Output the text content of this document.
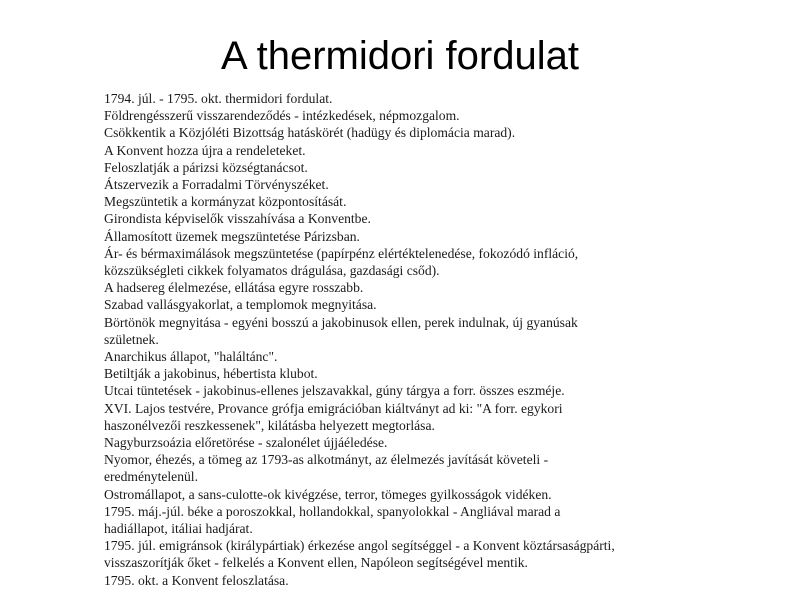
A thermidori fordulat
1794. júl. - 1795. okt. thermidori fordulat.
Földrengésszerű visszarendeződés - intézkedések, népmozgalom.
Csökkentik a Közjóléti Bizottság hatáskörét (hadügy és diplomácia marad).
A Konvent hozza újra a rendeleteket.
Feloszlatják a párizsi községtanácsot.
Átszervezik a Forradalmi Törvényszéket.
Megszüntetik a kormányzat központosítását.
Girondista képviselők visszahívása a Konventbe.
Államosított üzemek megszüntetése Párizsban.
Ár- és bérmaximálások megszüntetése (papírpénz elértéktelenedése, fokozódó infláció,
közszükségleti cikkek folyamatos drágulása, gazdasági csőd).
A hadsereg élelmezése, ellátása egyre rosszabb.
Szabad vallásgyakorlat, a templomok megnyitása.
Börtönök megnyitása - egyéni bosszú a jakobinusok ellen, perek indulnak, új gyanúsak
születnek.
Anarchikus állapot, "haláltánc".
Betiltják a jakobinus, hébertista klubot.
Utcai tüntetések - jakobinus-ellenes jelszavakkal, gúny tárgya a forr. összes eszméje.
XVI. Lajos testvére, Provance grófja emigrációban kiáltványt ad ki: "A forr. egykori
haszonélvezői reszkessenek", kilátásba helyezett megtorlása.
Nagyburzsoázia előretörése - szalonélet újjáéledése.
Nyomor, éhezés, a tömeg az 1793-as alkotmányt, az élelmezés javítását követeli -
eredménytelenül.
Ostromállapot, a sans-culotte-ok kivégzése, terror, tömeges gyilkosságok vidéken.
1795. máj.-júl. béke a poroszokkal, hollandokkal, spanyolokkal - Angliával marad a
hadiállapot, itáliai hadjárat.
1795. júl. emigránsok (királypártiak) érkezése angol segítséggel - a Konvent köztársaságpárti,
visszaszorítják őket - felkelés a Konvent ellen, Napóleon segítségével mentik.
1795. okt. a Konvent feloszlatása.
